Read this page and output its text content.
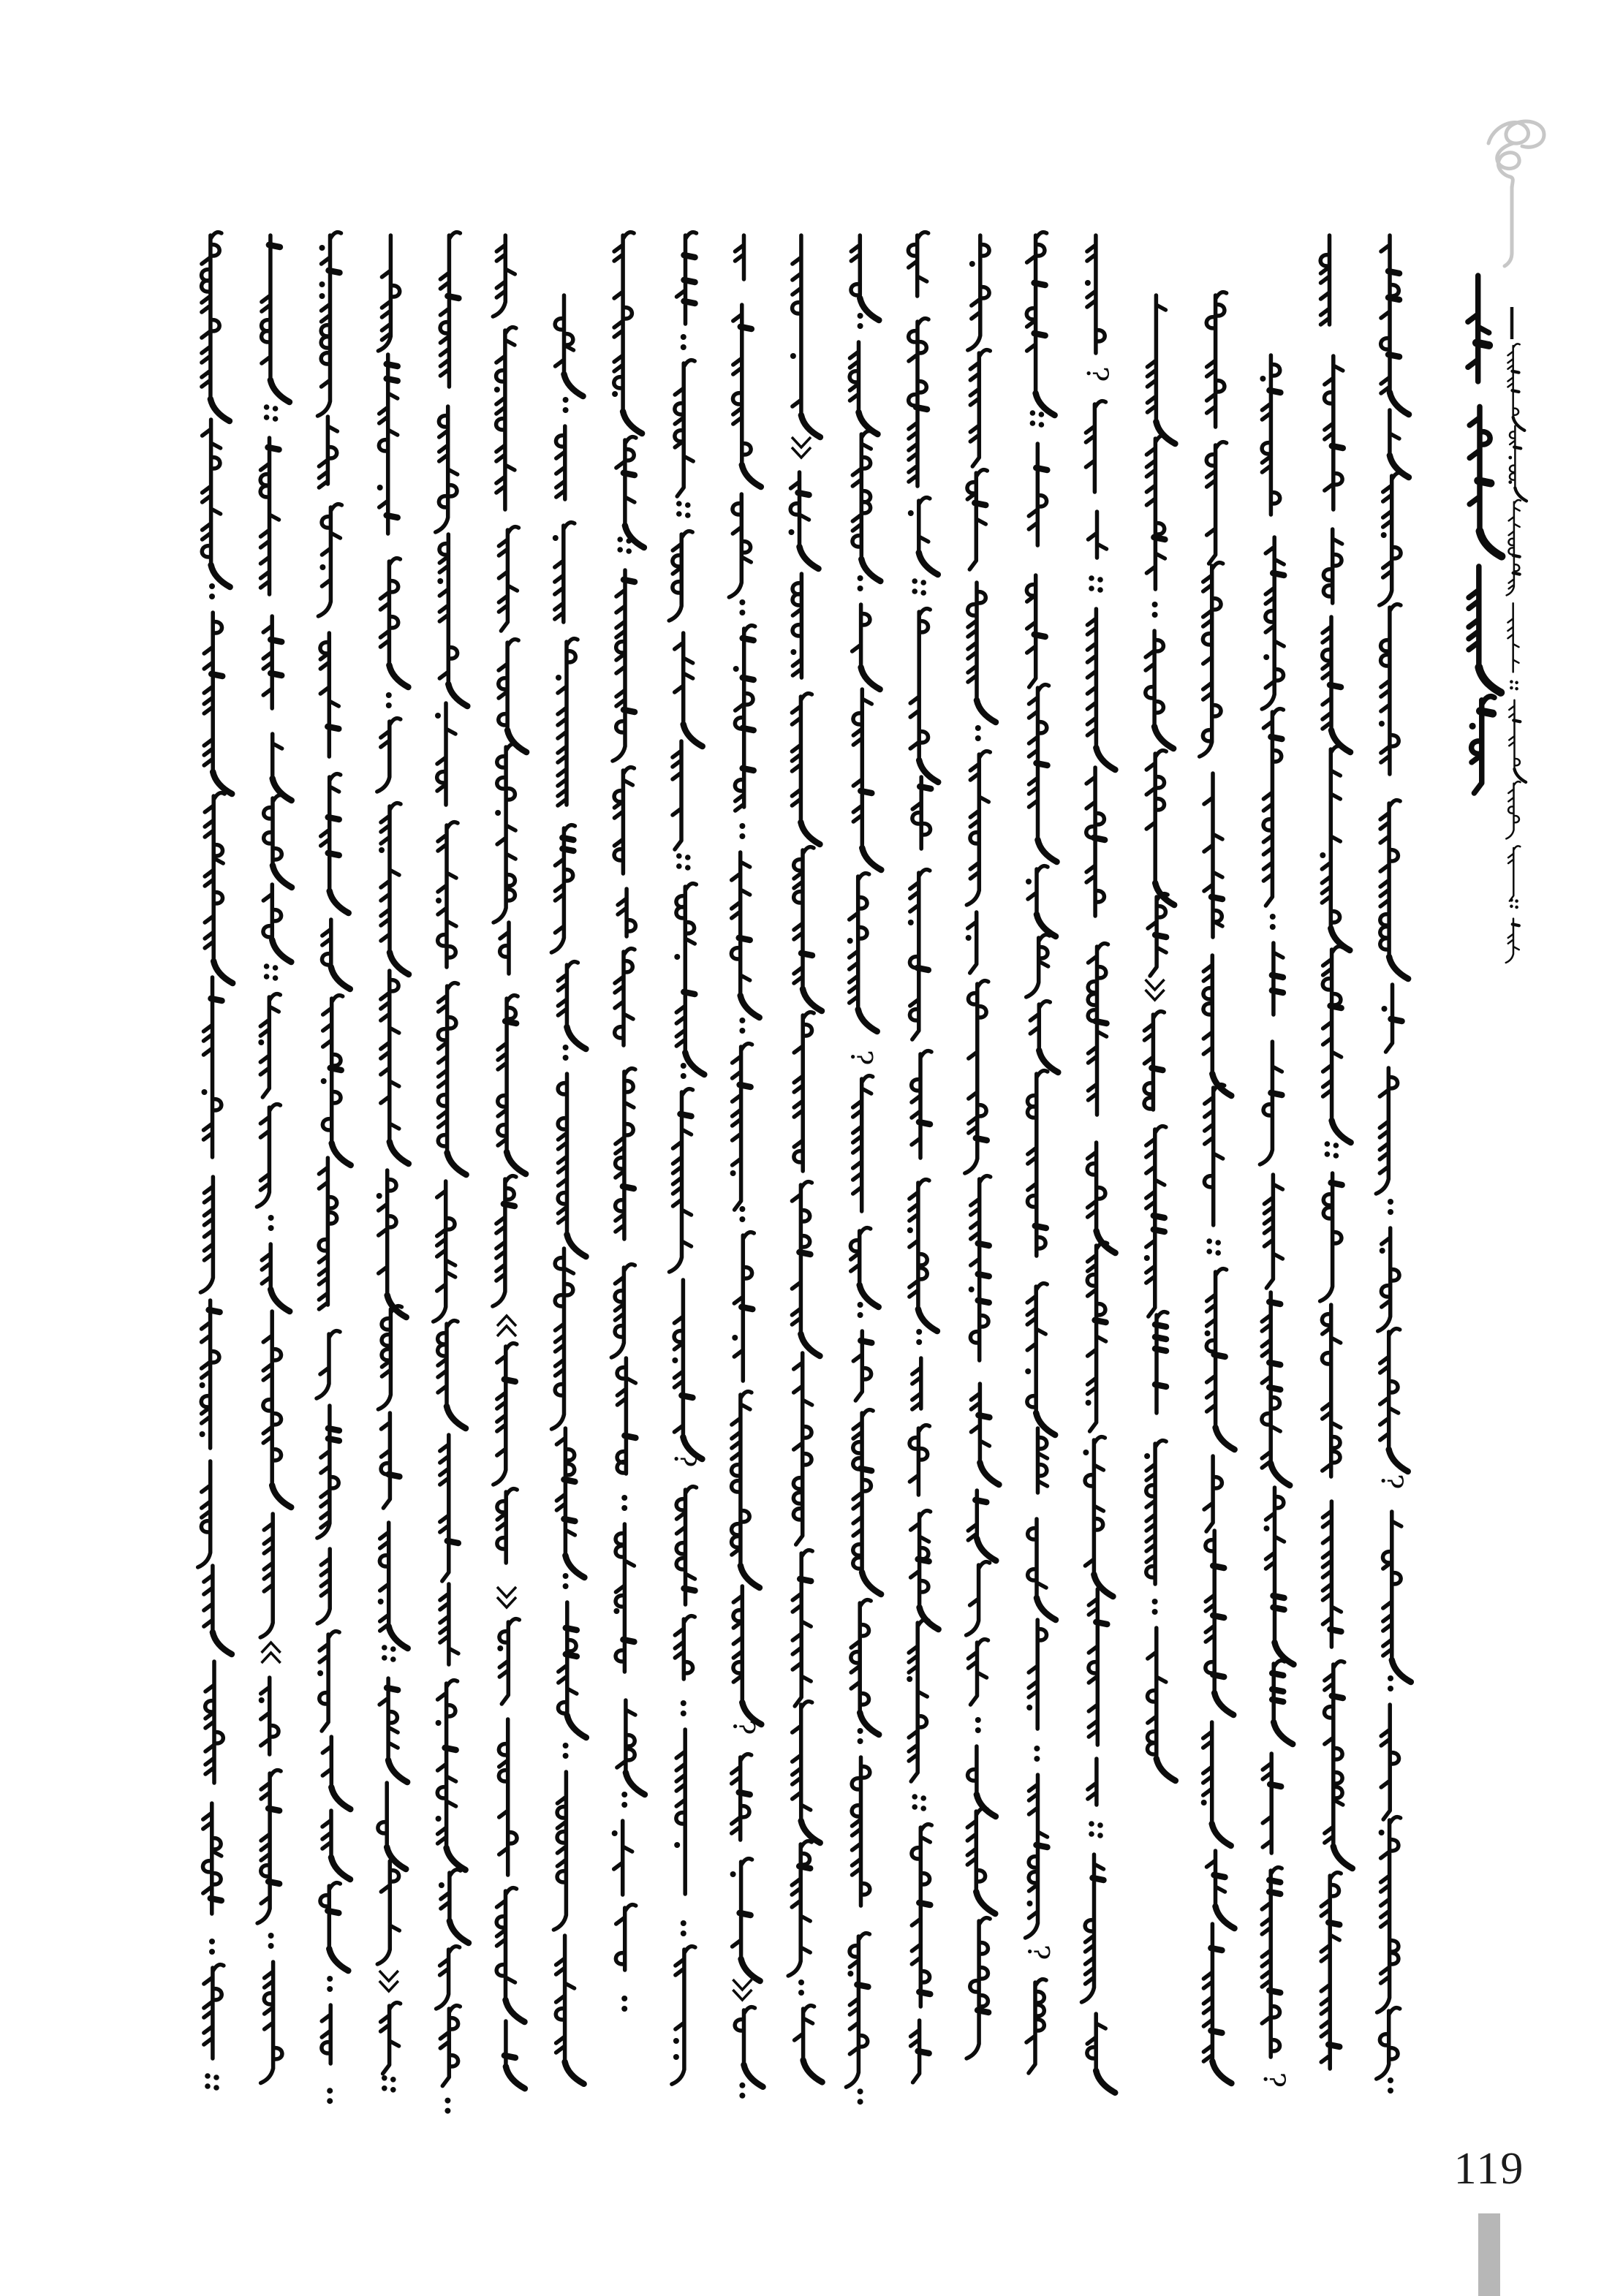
?
?
?
?
?
?
?
119
